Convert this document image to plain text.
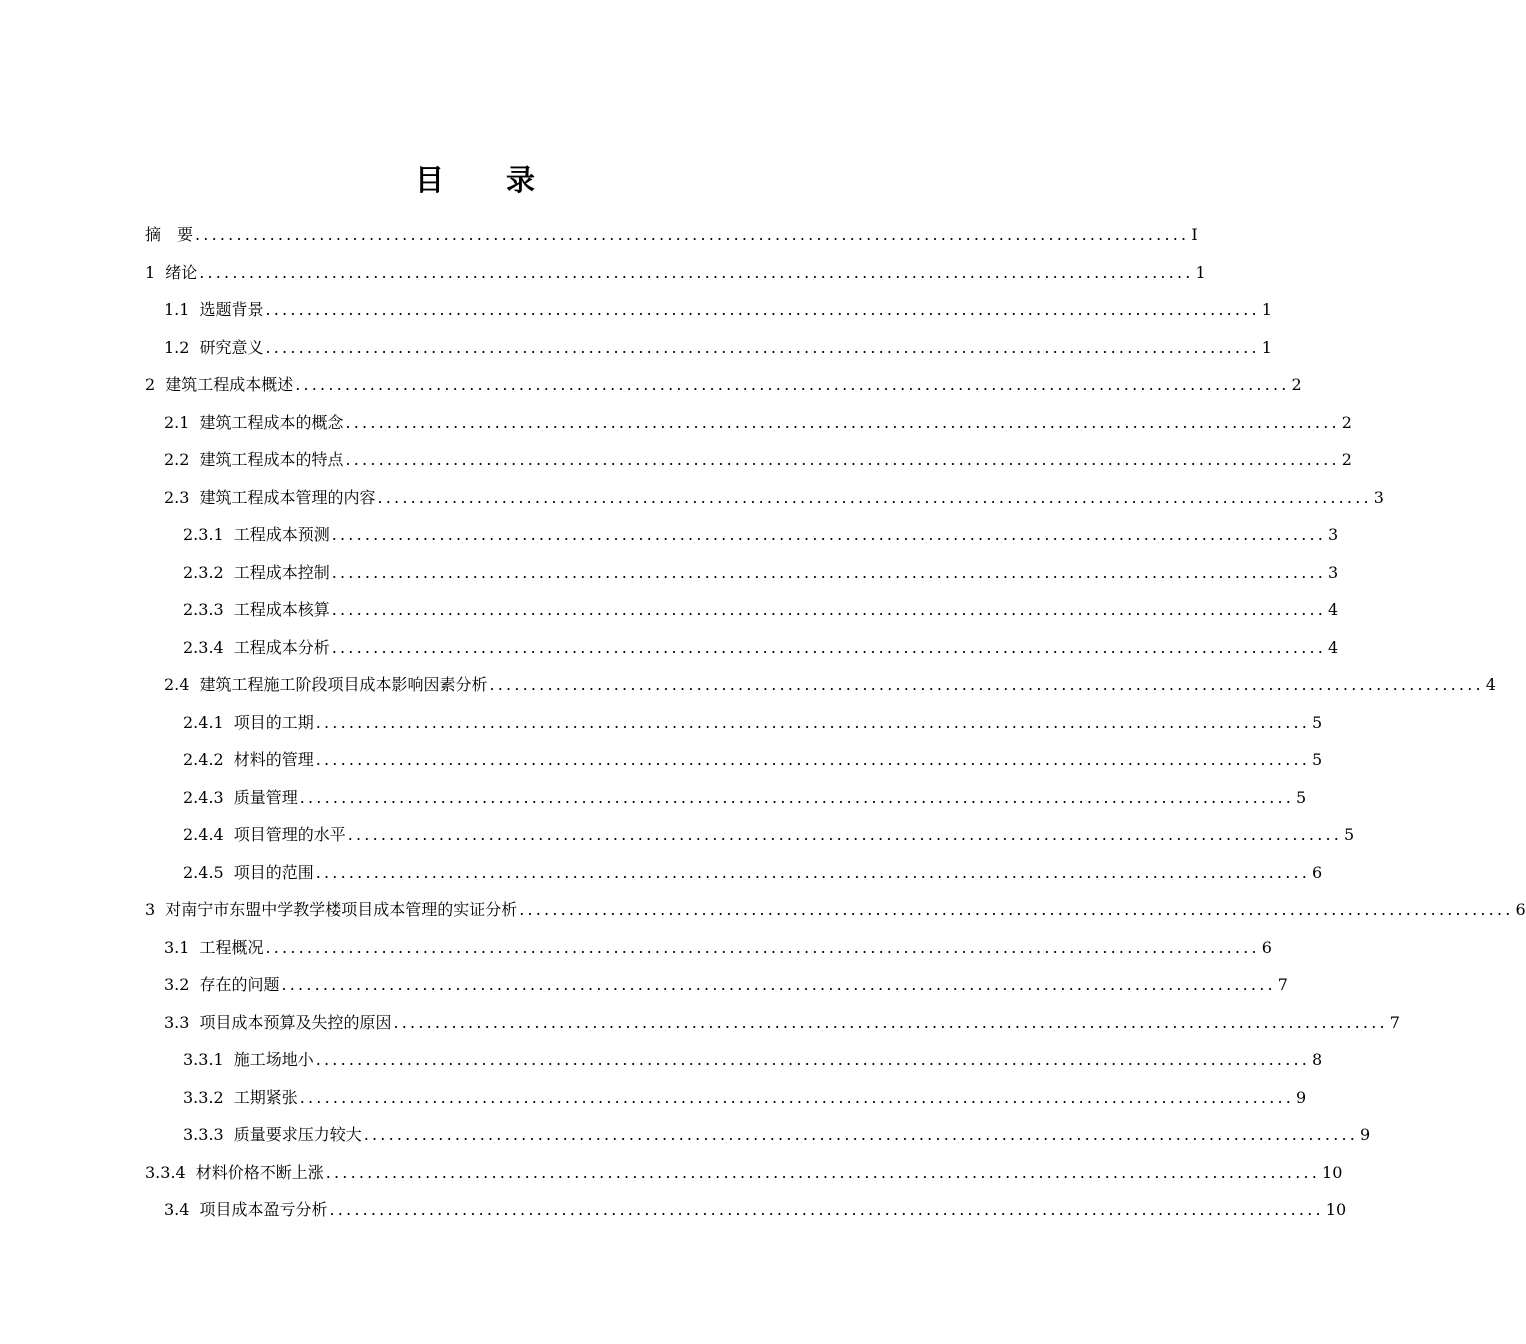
目 录
摘　要 ........................................................................................................................ I
1 绪论 ........................................................................................................................ 1
1.1 选题背景 ........................................................................................................................ 1
1.2 研究意义 ........................................................................................................................ 1
2 建筑工程成本概述 ........................................................................................................................ 2
2.1 建筑工程成本的概念 ........................................................................................................................ 2
2.2 建筑工程成本的特点 ........................................................................................................................ 2
2.3 建筑工程成本管理的内容 ........................................................................................................................ 3
2.3.1 工程成本预测 ........................................................................................................................ 3
2.3.2 工程成本控制 ........................................................................................................................ 3
2.3.3 工程成本核算 ........................................................................................................................ 4
2.3.4 工程成本分析 ........................................................................................................................ 4
2.4 建筑工程施工阶段项目成本影响因素分析 ........................................................................................................................ 4
2.4.1 项目的工期 ........................................................................................................................ 5
2.4.2 材料的管理 ........................................................................................................................ 5
2.4.3 质量管理 ........................................................................................................................ 5
2.4.4 项目管理的水平 ........................................................................................................................ 5
2.4.5 项目的范围 ........................................................................................................................ 6
3 对南宁市东盟中学教学楼项目成本管理的实证分析 ........................................................................................................................ 6
3.1 工程概况 ........................................................................................................................ 6
3.2 存在的问题 ........................................................................................................................ 7
3.3 项目成本预算及失控的原因 ........................................................................................................................ 7
3.3.1 施工场地小 ........................................................................................................................ 8
3.3.2 工期紧张 ........................................................................................................................ 9
3.3.3 质量要求压力较大 ........................................................................................................................ 9
3.3.4 材料价格不断上涨 ........................................................................................................................ 10
3.4 项目成本盈亏分析 ........................................................................................................................ 10
